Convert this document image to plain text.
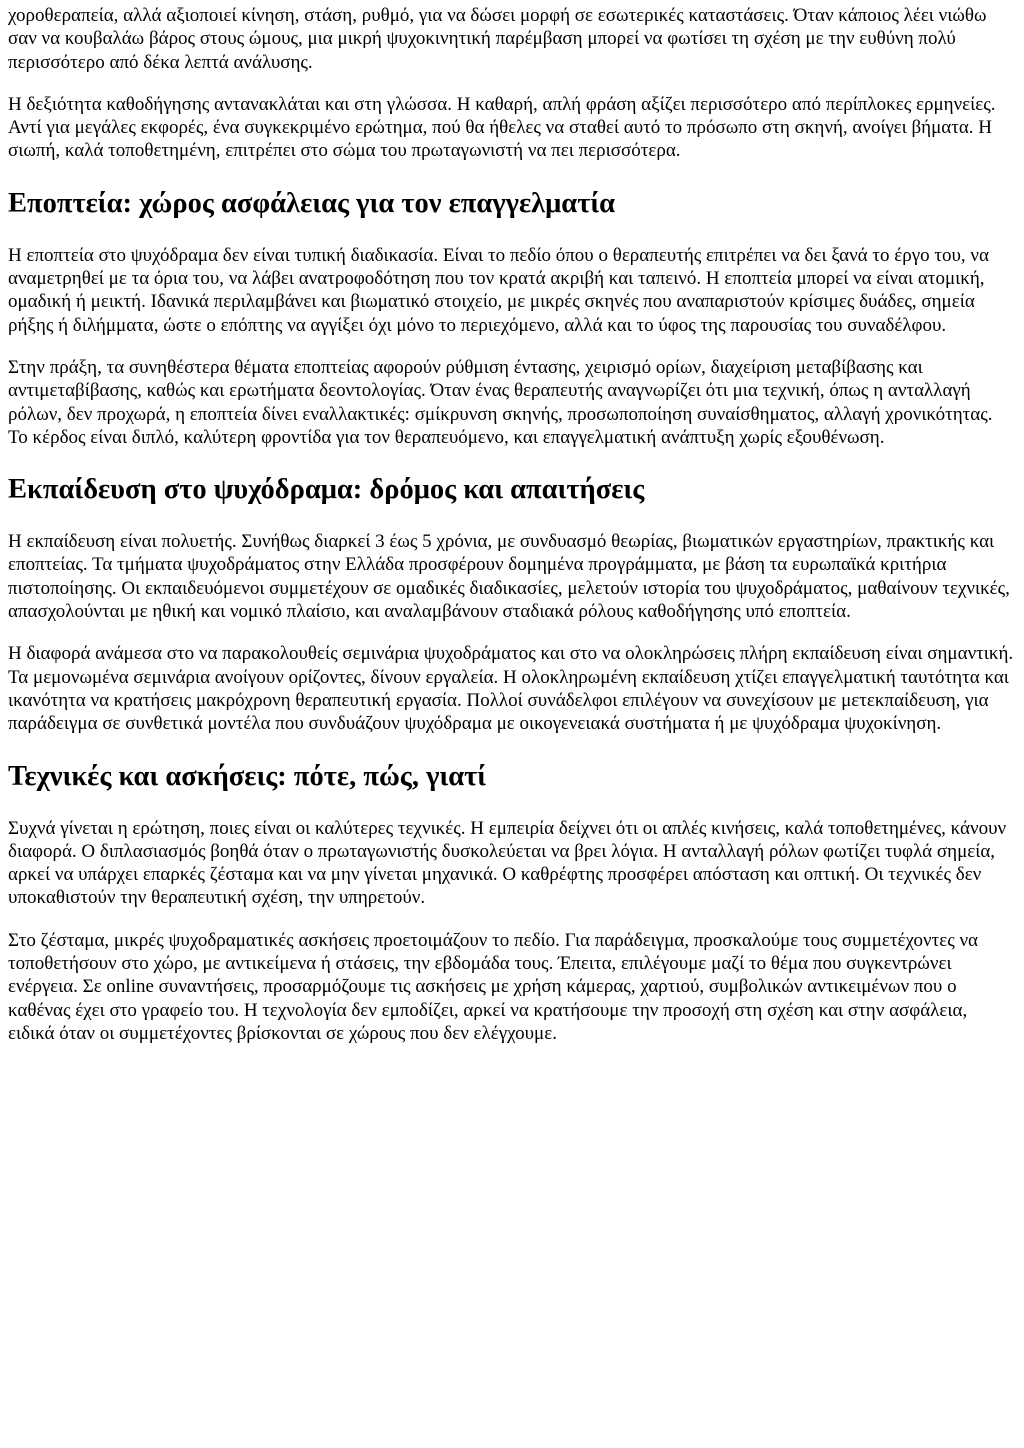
χοροθεραπεία, αλλά αξιοποιεί κίνηση, στάση, ρυθμό, για να δώσει μορφή σε εσωτερικές καταστάσεις. Όταν κάποιος λέει νιώθω σαν να κουβαλάω βάρος στους ώμους, μια μικρή ψυχοκινητική παρέμβαση μπορεί να φωτίσει τη σχέση με την ευθύνη πολύ περισσότερο από δέκα λεπτά ανάλυσης.

Η δεξιότητα καθοδήγησης αντανακλάται και στη γλώσσα. Η καθαρή, απλή φράση αξίζει περισσότερο από περίπλοκες ερμηνείες. Αντί για μεγάλες εκφορές, ένα συγκεκριμένο ερώτημα, πού θα ήθελες να σταθεί αυτό το πρόσωπο στη σκηνή, ανοίγει βήματα. Η σιωπή, καλά τοποθετημένη, επιτρέπει στο σώμα του πρωταγωνιστή να πει περισσότερα.

Εποπτεία: χώρος ασφάλειας για τον επαγγελματία

Η εποπτεία στο ψυχόδραμα δεν είναι τυπική διαδικασία. Είναι το πεδίο όπου ο θεραπευτής επιτρέπει να δει ξανά το έργο του, να αναμετρηθεί με τα όρια του, να λάβει ανατροφοδότηση που τον κρατά ακριβή και ταπεινό. Η εποπτεία μπορεί να είναι ατομική, ομαδική ή μεικτή. Ιδανικά περιλαμβάνει και βιωματικό στοιχείο, με μικρές σκηνές που αναπαριστούν κρίσιμες δυάδες, σημεία ρήξης ή διλήμματα, ώστε ο επόπτης να αγγίξει όχι μόνο το περιεχόμενο, αλλά και το ύφος της παρουσίας του συναδέλφου.

Στην πράξη, τα συνηθέστερα θέματα εποπτείας αφορούν ρύθμιση έντασης, χειρισμό ορίων, διαχείριση μεταβίβασης και αντιμεταβίβασης, καθώς και ερωτήματα δεοντολογίας. Όταν ένας θεραπευτής αναγνωρίζει ότι μια τεχνική, όπως η ανταλλαγή ρόλων, δεν προχωρά, η εποπτεία δίνει εναλλακτικές: σμίκρυνση σκηνής, προσωποποίηση συναίσθηματος, αλλαγή χρονικότητας. Το κέρδος είναι διπλό, καλύτερη φροντίδα για τον θεραπευόμενο, και επαγγελματική ανάπτυξη χωρίς εξουθένωση.

Εκπαίδευση στο ψυχόδραμα: δρόμος και απαιτήσεις

Η εκπαίδευση είναι πολυετής. Συνήθως διαρκεί 3 έως 5 χρόνια, με συνδυασμό θεωρίας, βιωματικών εργαστηρίων, πρακτικής και εποπτείας. Τα τμήματα ψυχοδράματος στην Ελλάδα προσφέρουν δομημένα προγράμματα, με βάση τα ευρωπαϊκά κριτήρια πιστοποίησης. Οι εκπαιδευόμενοι συμμετέχουν σε ομαδικές διαδικασίες, μελετούν ιστορία του ψυχοδράματος, μαθαίνουν τεχνικές, απασχολούνται με ηθική και νομικό πλαίσιο, και αναλαμβάνουν σταδιακά ρόλους καθοδήγησης υπό εποπτεία.

Η διαφορά ανάμεσα στο να παρακολουθείς σεμινάρια ψυχοδράματος και στο να ολοκληρώσεις πλήρη εκπαίδευση είναι σημαντική. Τα μεμονωμένα σεμινάρια ανοίγουν ορίζοντες, δίνουν εργαλεία. Η ολοκληρωμένη εκπαίδευση χτίζει επαγγελματική ταυτότητα και ικανότητα να κρατήσεις μακρόχρονη θεραπευτική εργασία. Πολλοί συνάδελφοι επιλέγουν να συνεχίσουν με μετεκπαίδευση, για παράδειγμα σε συνθετικά μοντέλα που συνδυάζουν ψυχόδραμα με οικογενειακά συστήματα ή με ψυχόδραμα ψυχοκίνηση.

Τεχνικές και ασκήσεις: πότε, πώς, γιατί

Συχνά γίνεται η ερώτηση, ποιες είναι οι καλύτερες τεχνικές. Η εμπειρία δείχνει ότι οι απλές κινήσεις, καλά τοποθετημένες, κάνουν διαφορά. Ο διπλασιασμός βοηθά όταν ο πρωταγωνιστής δυσκολεύεται να βρει λόγια. Η ανταλλαγή ρόλων φωτίζει τυφλά σημεία, αρκεί να υπάρχει επαρκές ζέσταμα και να μην γίνεται μηχανικά. Ο καθρέφτης προσφέρει απόσταση και οπτική. Οι τεχνικές δεν υποκαθιστούν την θεραπευτική σχέση, την υπηρετούν.

Στο ζέσταμα, μικρές ψυχοδραματικές ασκήσεις προετοιμάζουν το πεδίο. Για παράδειγμα, προσκαλούμε τους συμμετέχοντες να τοποθετήσουν στο χώρο, με αντικείμενα ή στάσεις, την εβδομάδα τους. Έπειτα, επιλέγουμε μαζί το θέμα που συγκεντρώνει ενέργεια. Σε online συναντήσεις, προσαρμόζουμε τις ασκήσεις με χρήση κάμερας, χαρτιού, συμβολικών αντικειμένων που ο καθένας έχει στο γραφείο του. Η τεχνολογία δεν εμποδίζει, αρκεί να κρατήσουμε την προσοχή στη σχέση και στην ασφάλεια, ειδικά όταν οι συμμετέχοντες βρίσκονται σε χώρους που δεν ελέγχουμε.
